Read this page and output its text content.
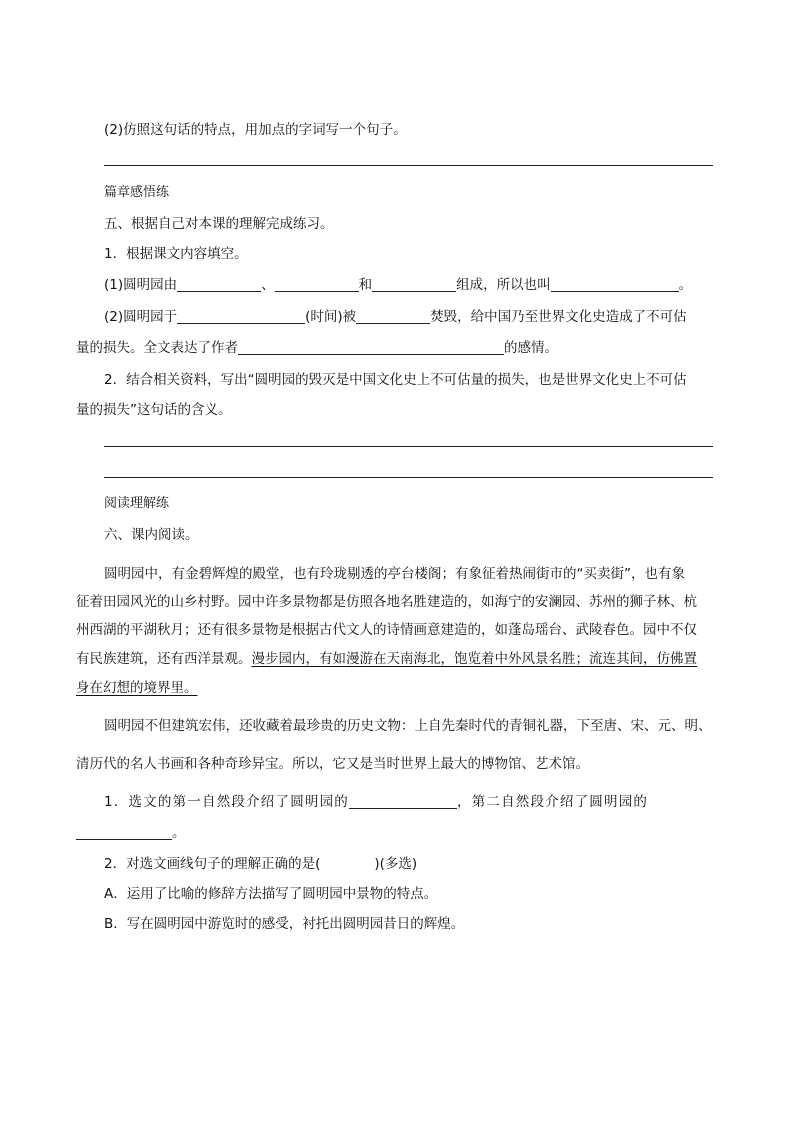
(2)仿照这句话的特点，用加点的字词写一个句子。
篇章感悟练
五、根据自己对本课的理解完成练习。
1．根据课文内容填空。
(1)圆明园由	、	和	组成，所以也叫	。
(2)圆明园于	(时间)被	焚毁，给中国乃至世界文化史造成了不可估
量的损失。全文表达了作者	的感情。
2．结合相关资料，写出“圆明园的毁灭是中国文化史上不可估量的损失，也是世界文化史上不可估
量的损失”这句话的含义。
阅读理解练
六、课内阅读。
圆明园中，有金碧辉煌的殿堂，也有玲珑剔透的亭台楼阁；有象征着热闹街市的“买卖街”，也有象
征着田园风光的山乡村野。园中许多景物都是仿照各地名胜建造的，如海宁的安澜园、苏州的狮子林、杭
州西湖的平湖秋月；还有很多景物是根据古代文人的诗情画意建造的，如蓬岛瑶台、武陵春色。园中不仅
有民族建筑，还有西洋景观。漫步园内，有如漫游在天南海北，饱览着中外风景名胜；流连其间，仿佛置
身在幻想的境界里。
圆明园不但建筑宏伟，还收藏着最珍贵的历史文物：上自先秦时代的青铜礼器，下至唐、宋、元、明、
清历代的名人书画和各种奇珍异宝。所以，它又是当时世界上最大的博物馆、艺术馆。
1．选文的第一自然段介绍了圆明园的	，第二自然段介绍了圆明园的
。
2．对选文画线句子的理解正确的是(　　　　)(多选)
A．运用了比喻的修辞方法描写了圆明园中景物的特点。
B．写在圆明园中游览时的感受，衬托出圆明园昔日的辉煌。
